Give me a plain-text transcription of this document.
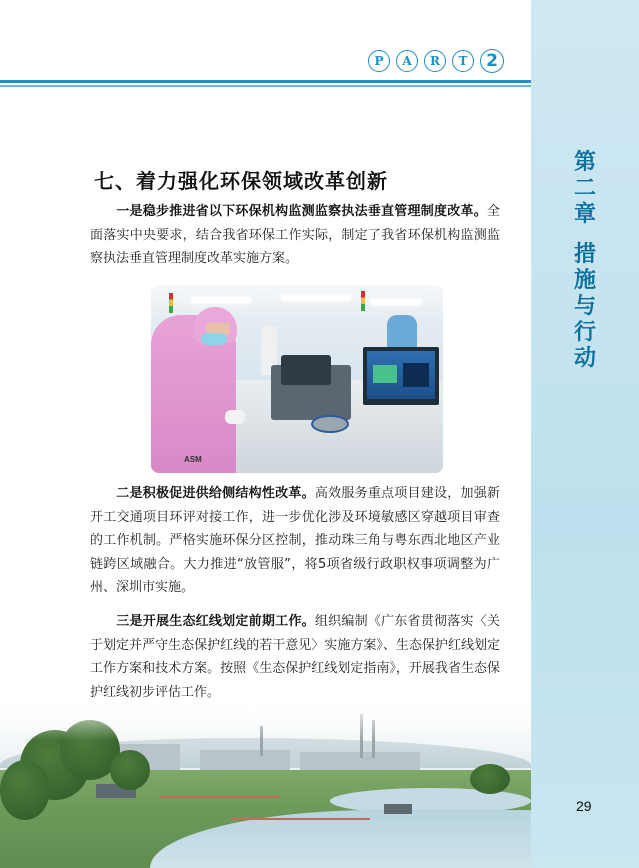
第
二
章
措
施
与
行
动
P	A	R	T	2
七、着力强化环保领域改革创新
  一是稳步推进省以下环保机构监测监察执法垂直管理制度改革。全面落实中央要求，结合我省环保工作实际，制定了我省环保机构监测监察执法垂直管理制度改革实施方案。
ASM
  二是积极促进供给侧结构性改革。高效服务重点项目建设，加强新开工交通项目环评对接工作，进一步优化涉及环境敏感区穿越项目审查的工作机制。严格实施环保分区控制，推动珠三角与粤东西北地区产业链跨区域融合。大力推进“放管服”，将5项省级行政职权事项调整为广州、深圳市实施。
  三是开展生态红线划定前期工作。组织编制《广东省贯彻落实〈关于划定并严守生态保护红线的若干意见〉实施方案》、生态保护红线划定工作方案和技术方案。按照《生态保护红线划定指南》，开展我省生态保护红线初步评估工作。
29
